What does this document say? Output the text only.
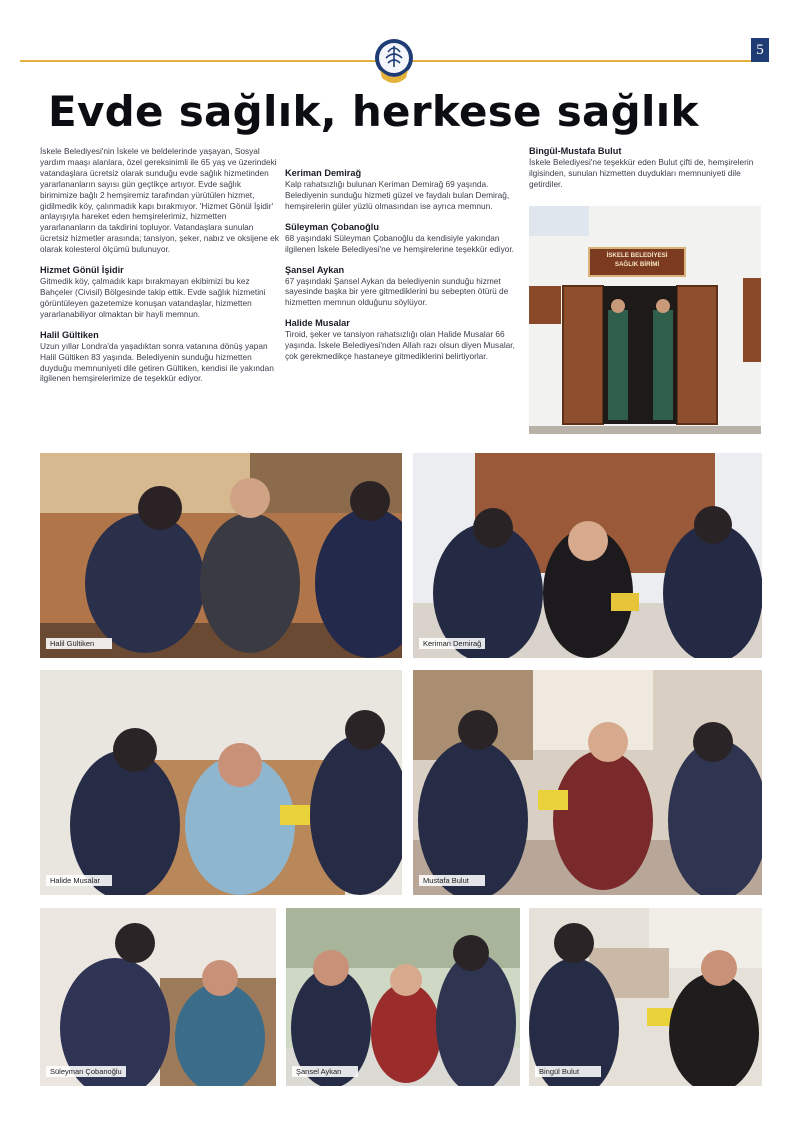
5
Evde sağlık, herkese sağlık

İskele Belediyesi'nin İskele ve beldelerinde yaşayan, Sosyal yardım maaşı alanlara, özel gereksinimli ile 65 yaş ve üzerindeki vatandaşlara ücretsiz olarak sunduğu evde sağlık hizmetinden yararlananların sayısı gün geçtikçe artıyor. Evde sağlık birimimize bağlı 2 hemşiremiz tarafından yürütülen hizmet, gidilmedik köy, çalınmadık kapı bırakmıyor. 'Hizmet Gönül İşidir' anlayışıyla hareket eden hemşirelerimiz, hizmetten yararlananların da takdirini topluyor. Vatandaşlara sunulan ücretsiz hizmetler arasında; tansiyon, şeker, nabız ve oksijene ek olarak kolesterol ölçümü bulunuyor.

Hizmet Gönül İşidir

Gitmedik köy, çalmadık kapı bırakmayan ekibimizi bu kez Bahçeler (Civisil) Bölgesinde takip ettik. Evde sağlık hizmetini görüntüleyen gazetemize konuşan vatandaşlar, hizmetten yararlanabiliyor olmaktan bir hayli memnun.

Halil Gültiken

Uzun yıllar Londra'da yaşadıktan sonra vatanına dönüş yapan Halil Gültiken 83 yaşında. Belediyenin sunduğu hizmetten duyduğu memnuniyeti dile getiren Gültiken, kendisi ile yakından ilgilenen hemşirelerimize de teşekkür ediyor.

Keriman Demirağ

Kalp rahatsızlığı bulunan Keriman Demirağ 69 yaşında. Belediyenin sunduğu hizmeti güzel ve faydalı bulan Demirağ, hemşirelerin güler yüzlü olmasından ise ayrıca memnun.

Süleyman Çobanoğlu

68 yaşındaki Süleyman Çobanoğlu da kendisiyle yakından ilgilenen İskele Belediyesi'ne ve hemşirelerine teşekkür ediyor.

Şansel Aykan

67 yaşındaki Şansel Aykan da belediyenin sunduğu hizmet sayesinde başka bir yere gitmediklerini bu sebepten ötürü de hizmetten memnun olduğunu söylüyor.

Halide Musalar

Tiroid, şeker ve tansiyon rahatsızlığı olan Halide Musalar 66 yaşında. İskele Belediyesi'nden Allah razı olsun diyen Musalar, çok gerekmedikçe hastaneye gitmediklerini belirtiyorlar.

Bingül-Mustafa Bulut

İskele Belediyesi'ne teşekkür eden Bulut çifti de, hemşirelerin ilgisinden, sunulan hizmetten duydukları memnuniyeti dile getirdiler.

İSKELE BELEDİYESİ SAĞLIK BİRİMİ
Halil Gültiken	Keriman Demirağ
Halide Musalar	Mustafa Bulut
Süleyman Çobanoğlu	Şansel Aykan	Bingül Bulut
